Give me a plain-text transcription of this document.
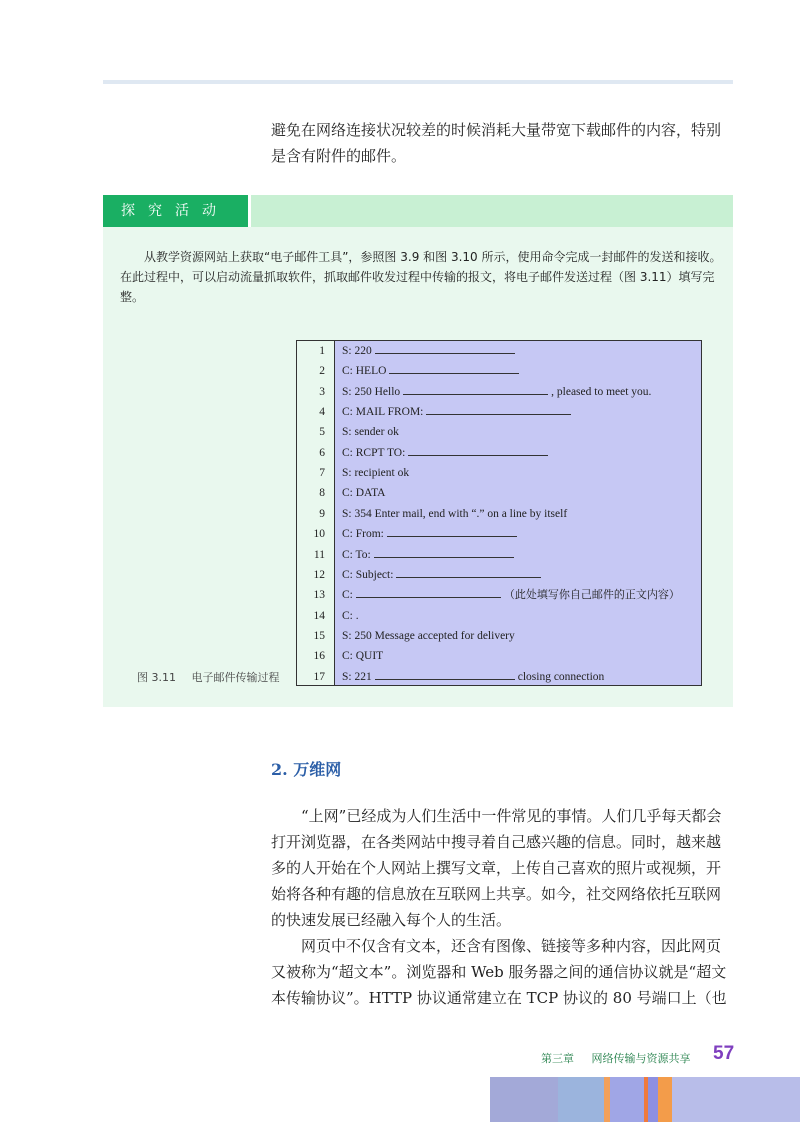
避免在网络连接状况较差的时候消耗大量带宽下载邮件的内容，特别是含有附件的邮件。

探究活动

从教学资源网站上获取“电子邮件工具”，参照图 3.9 和图 3.10 所示，使用命令完成一封邮件的发送和接收。在此过程中，可以启动流量抓取软件，抓取邮件收发过程中传输的报文，将电子邮件发送过程（图 3.11）填写完整。

1 S: 220
2 C: HELO
3 S: 250 Hello	, pleased to meet you.
4 C: MAIL FROM:
5 S: sender ok
6 C: RCPT TO:
7 S: recipient ok
8 C: DATA
9 S: 354 Enter mail, end with “.” on a line by itself
10 C: From:
11 C: To:
12 C: Subject:
13 C:	（此处填写你自己邮件的正文内容）
14 C: .
15 S: 250 Message accepted for delivery
16 C: QUIT
17 S: 221	closing connection
图 3.11 电子邮件传输过程
2. 万维网

“上网”已经成为人们生活中一件常见的事情。人们几乎每天都会打开浏览器，在各类网站中搜寻着自己感兴趣的信息。同时，越来越多的人开始在个人网站上撰写文章，上传自己喜欢的照片或视频，开始将各种有趣的信息放在互联网上共享。如今，社交网络依托互联网的快速发展已经融入每个人的生活。

网页中不仅含有文本，还含有图像、链接等多种内容，因此网页又被称为“超文本”。浏览器和 Web 服务器之间的通信协议就是“超文本传输协议”。HTTP 协议通常建立在 TCP 协议的 80 号端口上（也

第三章 网络传输与资源共享 57
